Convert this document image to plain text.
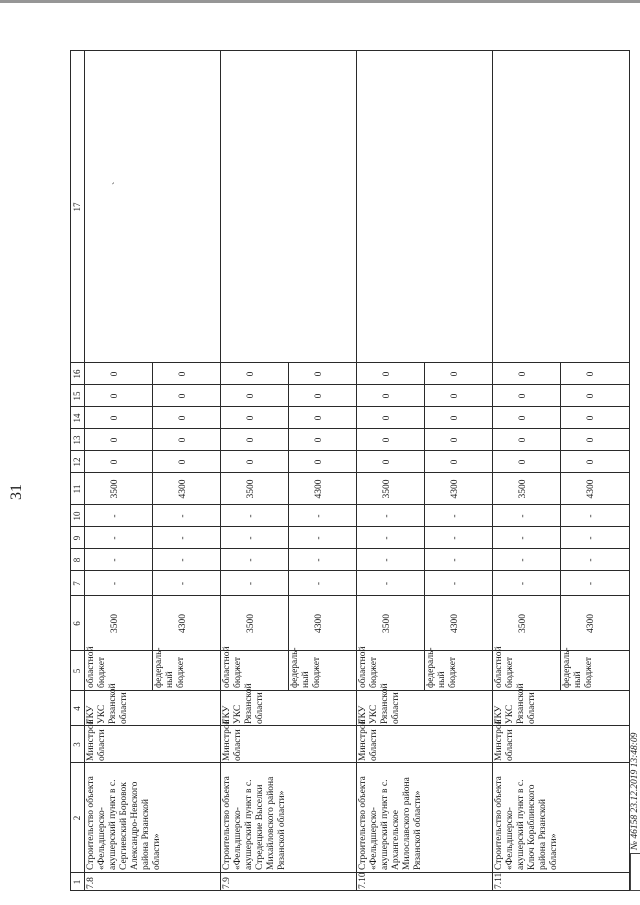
31
1
2
3
4
5
6
7
8
9
10
11
12
13
14
15
16
17
7.8
Строительство объекта «Фельдшерско-акушерский пункт в с. Сергиевский Боровок Александро-Невского района Рязанской области»
Минстрой области
ГКУ УКС Рязанской области
областной бюджет
3500
-
-
-
-
3500
0
0
0
0
0
федераль-ный бюджет
4300
-
-
-
-
4300
0
0
0
0
0
7.9
Строительство объекта «Фельдшерско-акушерский пункт в с. Стредецкие Выселки Михайловского района Рязанской области»
Минстрой области
ГКУ УКС Рязанской области
областной бюджет
3500
-
-
-
-
3500
0
0
0
0
0
федераль-ный бюджет
4300
-
-
-
-
4300
0
0
0
0
0
7.10
Строительство объекта «Фельдшерско-акушерский пункт в с. Архангельское Милославского района Рязанской области»
Минстрой области
ГКУ УКС Рязанской области
областной бюджет
3500
-
-
-
-
3500
0
0
0
0
0
федераль-ный бюджет
4300
-
-
-
-
4300
0
0
0
0
0
7.11
Строительство объекта «Фельдшерско-акушерский пункт в с. Ключ Кораблинского района Рязанской области»
Минстрой области
ГКУ УКС Рязанской области
областной бюджет
3500
-
-
-
-
3500
0
0
0
0
0
федераль-ный бюджет
4300
-
-
-
-
4300
0
0
0
0
0
№ 46158 23.12.2019 13:48:09
ˋ
